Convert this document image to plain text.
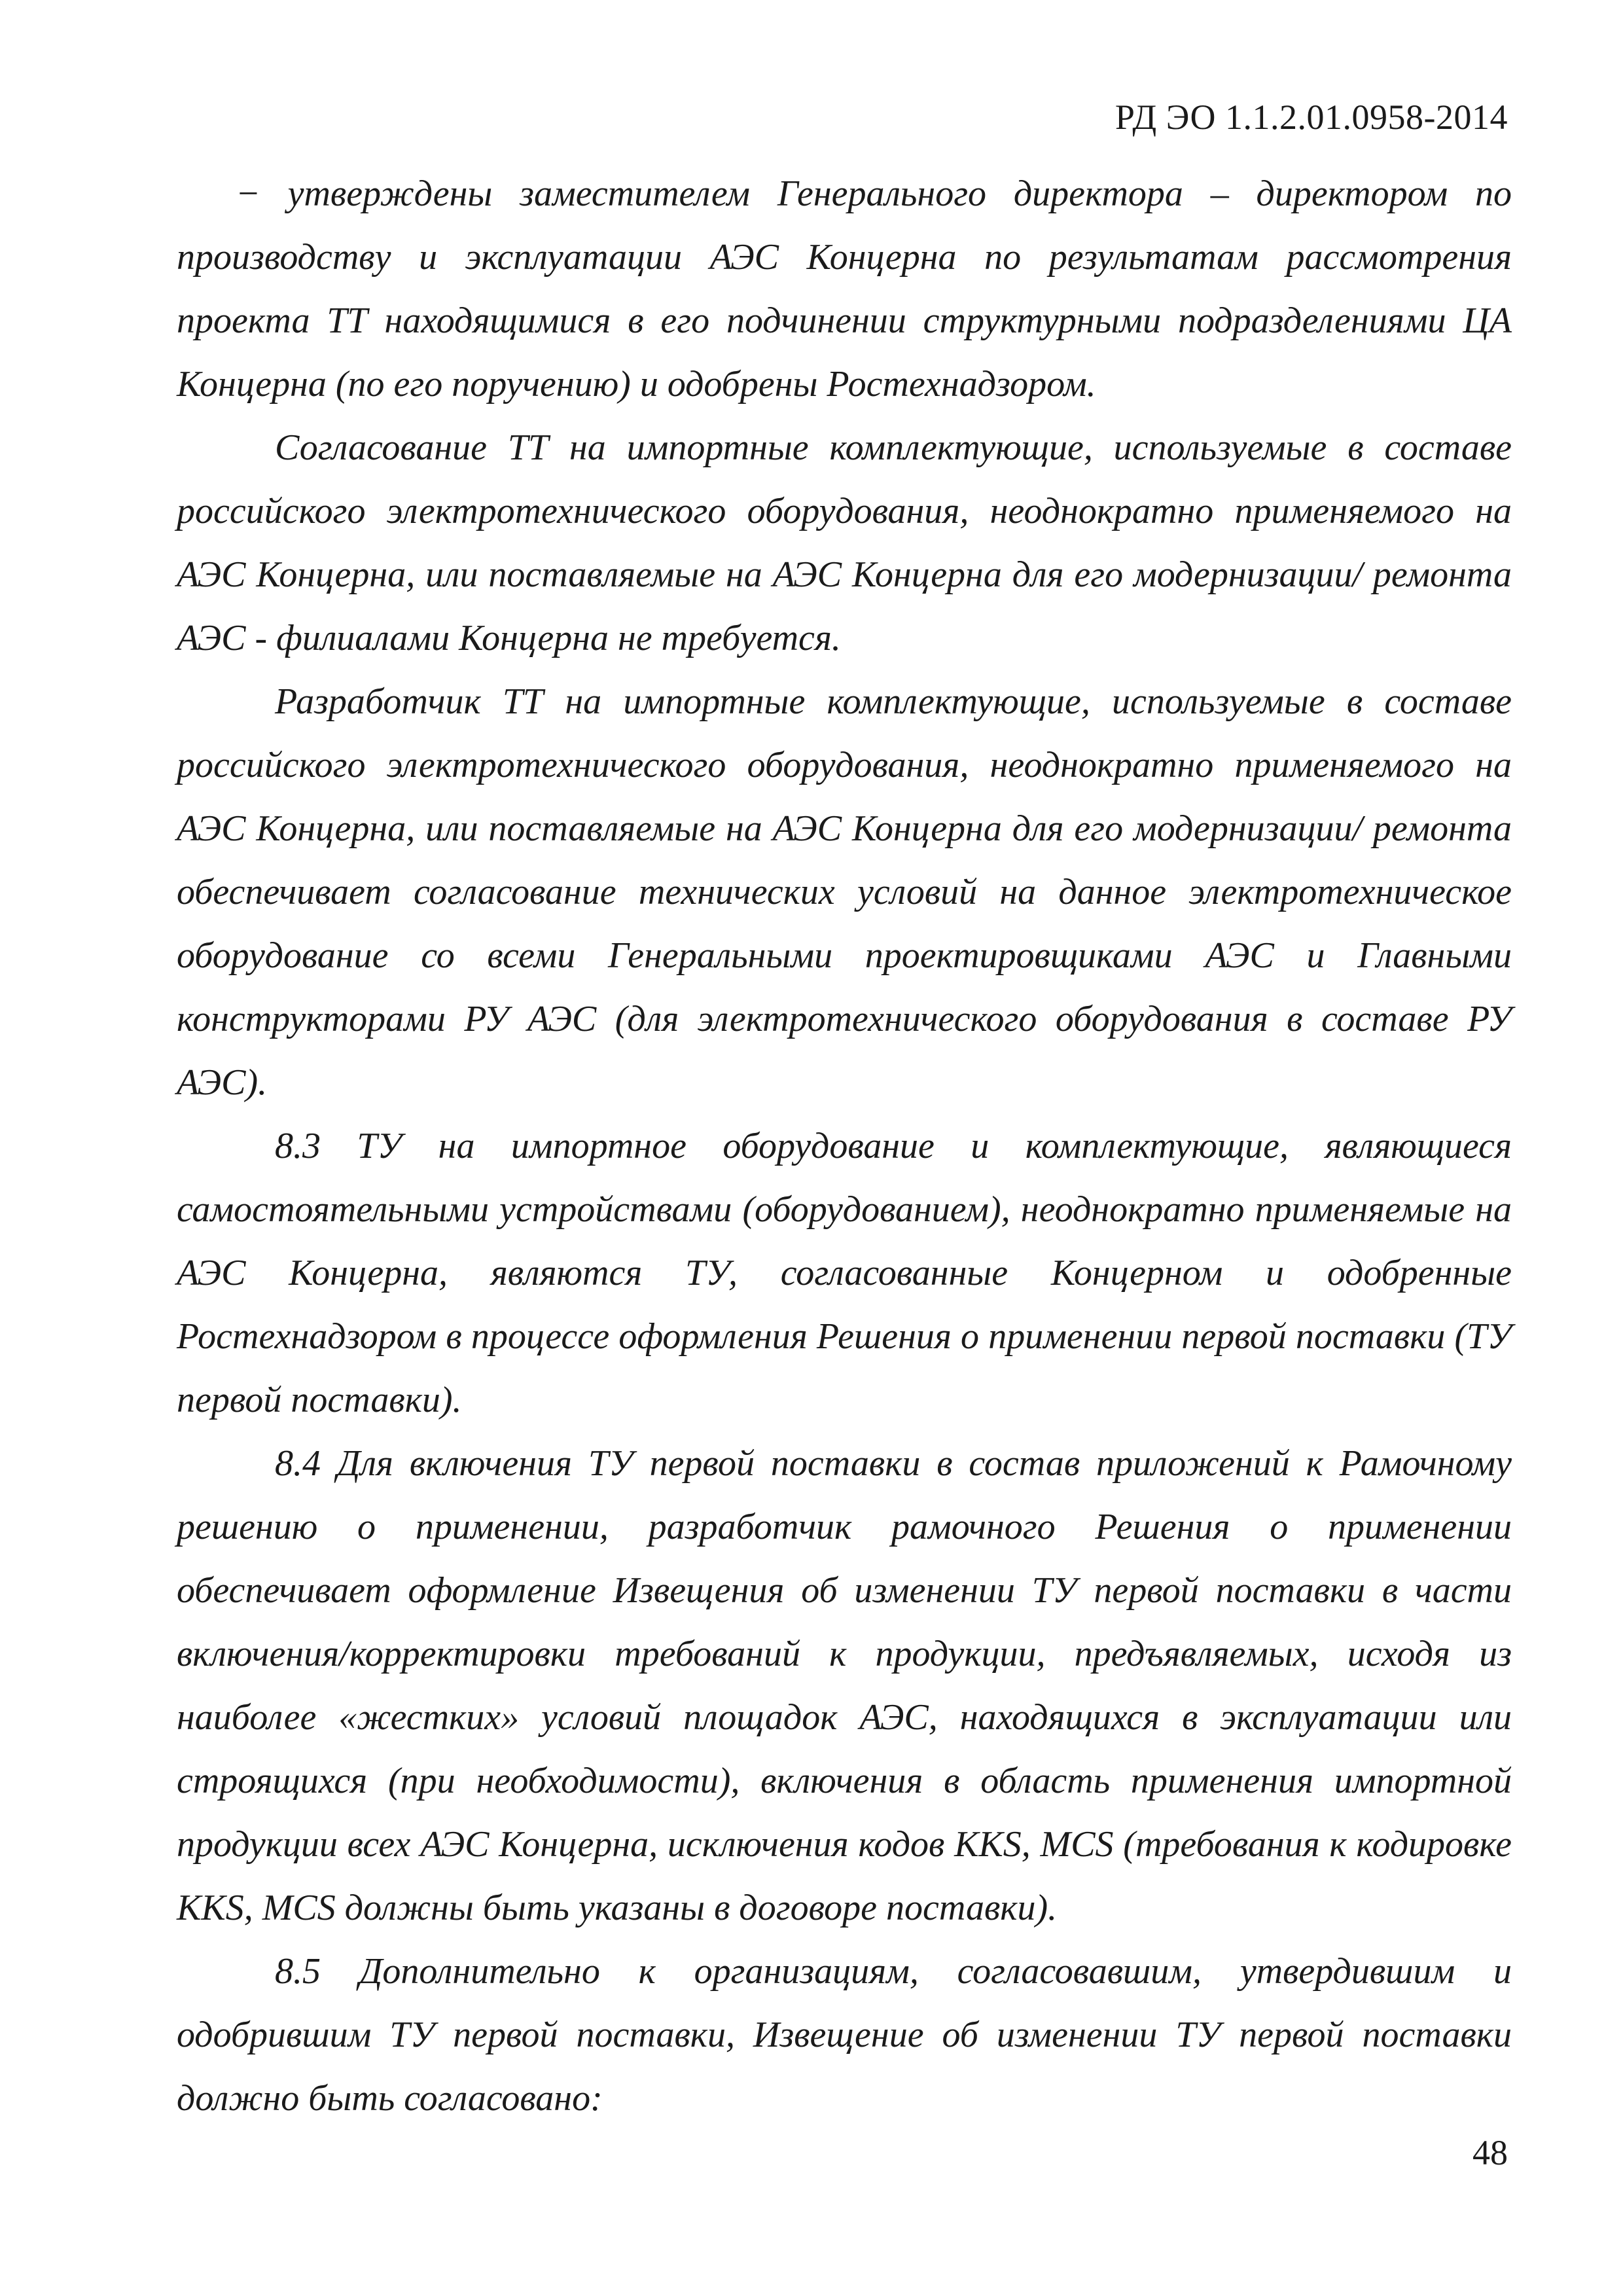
РД ЭО 1.1.2.01.0958-2014

− утверждены заместителем Генерального директора – директором по производству и эксплуатации АЭС Концерна по результатам рассмотрения проекта ТТ находящимися в его подчинении структурными подразделениями ЦА Концерна (по его поручению) и одобрены Ростехнадзором.

Согласование ТТ на импортные комплектующие, используемые в составе российского электротехнического оборудования, неоднократно применяемого на АЭС Концерна, или поставляемые на АЭС Концерна для его модернизации/ ремонта АЭС - филиалами Концерна не требуется.

Разработчик ТТ на импортные комплектующие, используемые в составе российского электротехнического оборудования, неоднократно применяемого на АЭС Концерна, или поставляемые на АЭС Концерна для его модернизации/ ремонта обеспечивает согласование технических условий на данное электротехническое оборудование со всеми Генеральными проектировщиками АЭС и Главными конструкторами РУ АЭС (для электротехнического оборудования в составе РУ АЭС).

8.3 ТУ на импортное оборудование и комплектующие, являющиеся самостоятельными устройствами (оборудованием), неоднократно применяемые на АЭС Концерна, являются ТУ, согласованные Концерном и одобренные Ростехнадзором в процессе оформления Решения о применении первой поставки (ТУ первой поставки).

8.4 Для включения ТУ первой поставки в состав приложений к Рамочному решению о применении, разработчик рамочного Решения о применении обеспечивает оформление Извещения об изменении ТУ первой поставки в части включения/корректировки требований к продукции, предъявляемых, исходя из наиболее «жестких» условий площадок АЭС, находящихся в эксплуатации или строящихся (при необходимости), включения в область применения импортной продукции всех АЭС Концерна, исключения кодов KKS, MCS (требования к кодировке KKS, MCS должны быть указаны в договоре поставки).

8.5 Дополнительно к организациям, согласовавшим, утвердившим и одобрившим ТУ первой поставки, Извещение об изменении ТУ первой поставки должно быть согласовано:

48
